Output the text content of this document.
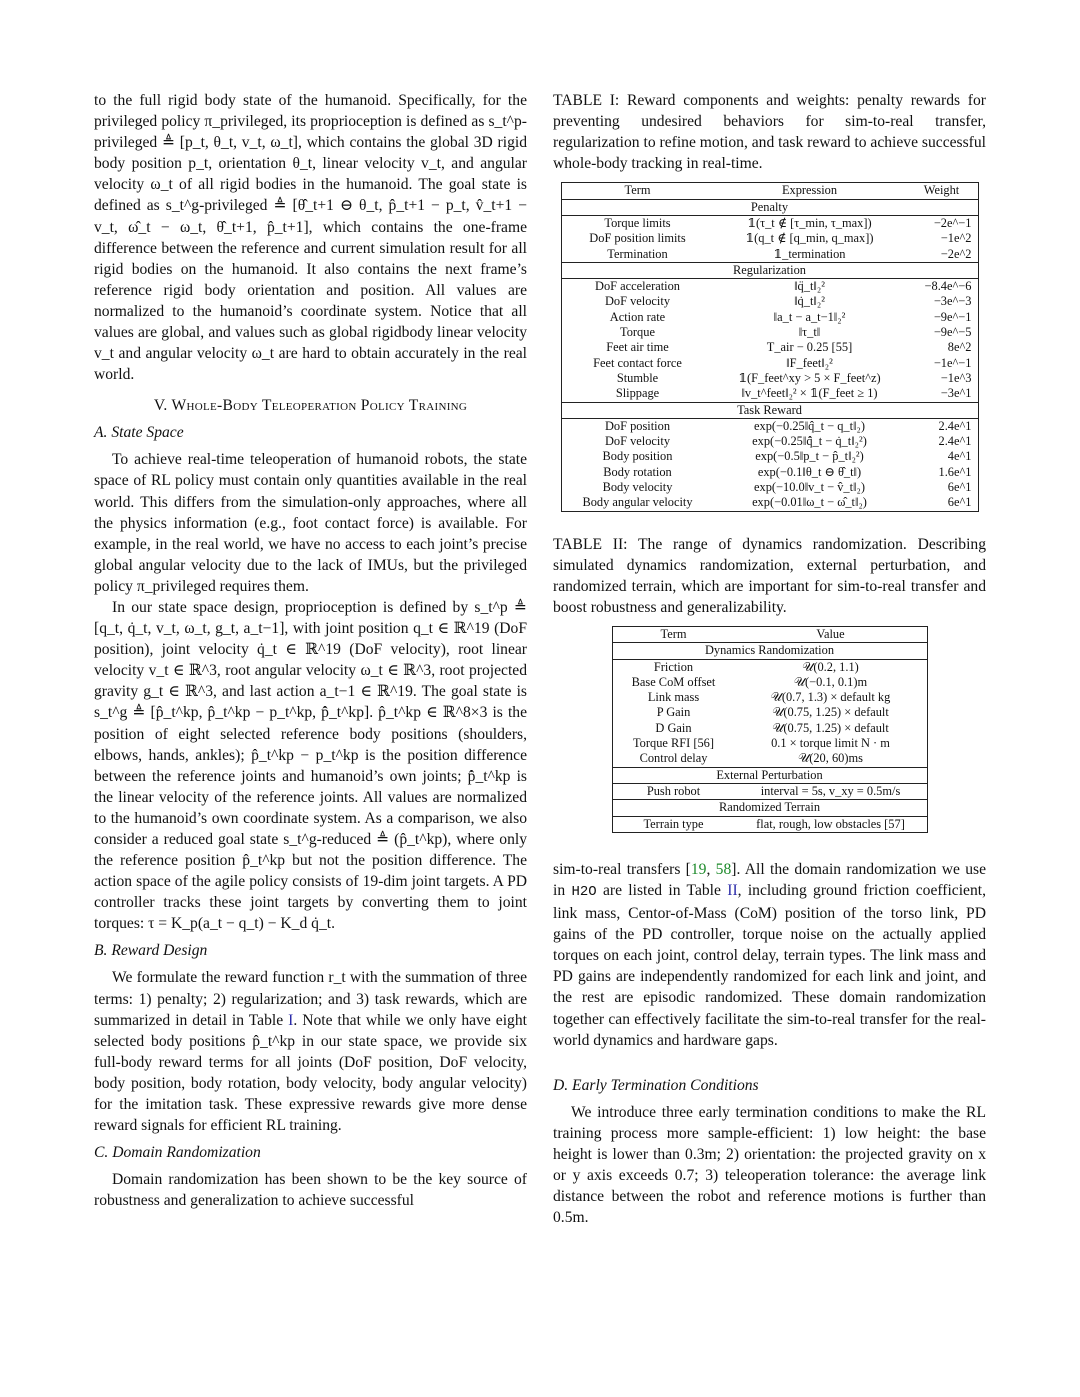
to the full rigid body state of the humanoid. Specifically, for the privileged policy π_privileged, its proprioception is defined as s_t^p-privileged ≜ [p_t, θ_t, v_t, ω_t], which contains the global 3D rigid body position p_t, orientation θ_t, linear velocity v_t, and angular velocity ω_t of all rigid bodies in the humanoid. The goal state is defined as s_t^g-privileged ≜ [θ̂_t+1 ⊖ θ_t, p̂_t+1 − p_t, v̂_t+1 − v_t, ω̂_t − ω_t, θ̂_t+1, p̂_t+1], which contains the one-frame difference between the reference and current simulation result for all rigid bodies on the humanoid. It also contains the next frame’s reference rigid body orientation and position. All values are normalized to the humanoid’s coordinate system. Notice that all values are global, and values such as global rigidbody linear velocity v_t and angular velocity ω_t are hard to obtain accurately in the real world.

V. Whole-Body Teleoperation Policy Training
A. State Space

To achieve real-time teleoperation of humanoid robots, the state space of RL policy must contain only quantities available in the real world. This differs from the simulation-only approaches, where all the physics information (e.g., foot contact force) is available. For example, in the real world, we have no access to each joint’s precise global angular velocity due to the lack of IMUs, but the privileged policy π_privileged requires them.

In our state space design, proprioception is defined by s_t^p ≜ [q_t, q̇_t, v_t, ω_t, g_t, a_t−1], with joint position q_t ∈ ℝ^19 (DoF position), joint velocity q̇_t ∈ ℝ^19 (DoF velocity), root linear velocity v_t ∈ ℝ^3, root angular velocity ω_t ∈ ℝ^3, root projected gravity g_t ∈ ℝ^3, and last action a_t−1 ∈ ℝ^19. The goal state is s_t^g ≜ [p̂_t^kp, p̂_t^kp − p_t^kp, p̂̇_t^kp]. p̂_t^kp ∈ ℝ^8×3 is the position of eight selected reference body positions (shoulders, elbows, hands, ankles); p̂_t^kp − p_t^kp is the position difference between the reference joints and humanoid’s own joints; p̂̇_t^kp is the linear velocity of the reference joints. All values are normalized to the humanoid’s own coordinate system. As a comparison, we also consider a reduced goal state s_t^g-reduced ≜ (p̂_t^kp), where only the reference position p̂_t^kp but not the position difference. The action space of the agile policy consists of 19-dim joint targets. A PD controller tracks these joint targets by converting them to joint torques: τ = K_p(a_t − q_t) − K_d q̇_t.

B. Reward Design

We formulate the reward function r_t with the summation of three terms: 1) penalty; 2) regularization; and 3) task rewards, which are summarized in detail in Table I. Note that while we only have eight selected body positions p̂_t^kp in our state space, we provide six full-body reward terms for all joints (DoF position, DoF velocity, body position, body rotation, body velocity, body angular velocity) for the imitation task. These expressive rewards give more dense reward signals for efficient RL training.

C. Domain Randomization

Domain randomization has been shown to be the key source of robustness and generalization to achieve successful

TABLE I: Reward components and weights: penalty rewards for preventing undesired behaviors for sim-to-real transfer, regularization to refine motion, and task reward to achieve successful whole-body tracking in real-time.

Term	Expression	Weight
Penalty		
Torque limits	𝟙(τ_t ∉ [τ_min, τ_max])	−2e^−1
DoF position limits	𝟙(q_t ∉ [q_min, q_max])	−1e^2
Termination	𝟙_termination	−2e^2
Regularization		
DoF acceleration	‖q̈_t‖₂²	−8.4e^−6
DoF velocity	‖q̇_t‖₂²	−3e^−3
Action rate	‖a_t − a_t−1‖₂²	−9e^−1
Torque	‖τ_t‖	−9e^−5
Feet air time	T_air − 0.25 [55]	8e^2
Feet contact force	‖F_feet‖₂²	−1e^−1
Stumble	𝟙(F_feet^xy > 5 × F_feet^z)	−1e^3
Slippage	‖v_t^feet‖₂² × 𝟙(F_feet ≥ 1)	−3e^1
Task Reward		
DoF position	exp(−0.25‖q̂_t − q_t‖₂)	2.4e^1
DoF velocity	exp(−0.25‖q̂̇_t − q̇_t‖₂²)	2.4e^1
Body position	exp(−0.5‖p_t − p̂_t‖₂²)	4e^1
Body rotation	exp(−0.1‖θ_t ⊖ θ̂_t‖)	1.6e^1
Body velocity	exp(−10.0‖v_t − v̂_t‖₂)	6e^1
Body angular velocity	exp(−0.01‖ω_t − ω̂_t‖₂)	6e^1

TABLE II: The range of dynamics randomization. Describing simulated dynamics randomization, external perturbation, and randomized terrain, which are important for sim-to-real transfer and boost robustness and generalizability.

Term	Value
Dynamics Randomization	
Friction	𝒰(0.2, 1.1)
Base CoM offset	𝒰(−0.1, 0.1)m
Link mass	𝒰(0.7, 1.3) × default kg
P Gain	𝒰(0.75, 1.25) × default
D Gain	𝒰(0.75, 1.25) × default
Torque RFI [56]	0.1 × torque limit N · m
Control delay	𝒰(20, 60)ms
External Perturbation	
Push robot	interval = 5s, v_xy = 0.5m/s
Randomized Terrain	
Terrain type	flat, rough, low obstacles [57]

sim-to-real transfers [19, 58]. All the domain randomization we use in H2O are listed in Table II, including ground friction coefficient, link mass, Centor-of-Mass (CoM) position of the torso link, PD gains of the PD controller, torque noise on the actually applied torques on each joint, control delay, terrain types. The link mass and PD gains are independently randomized for each link and joint, and the rest are episodic randomized. These domain randomization together can effectively facilitate the sim-to-real transfer for the real-world dynamics and hardware gaps.

D. Early Termination Conditions

We introduce three early termination conditions to make the RL training process more sample-efficient: 1) low height: the base height is lower than 0.3m; 2) orientation: the projected gravity on x or y axis exceeds 0.7; 3) teleoperation tolerance: the average link distance between the robot and reference motions is further than 0.5m.
